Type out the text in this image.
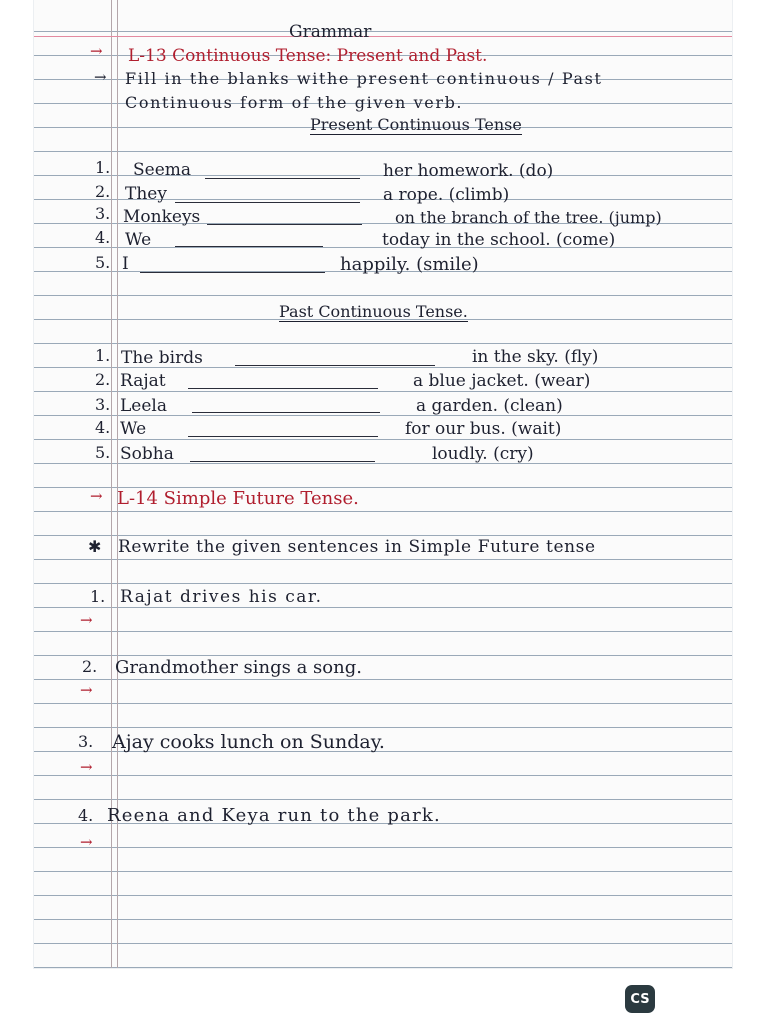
Grammar
→ L-13 Continuous Tense: Present and Past.
→ Fill in the blanks withe present continuous / Past
Continuous form of the given verb.
Present Continuous Tense
1. Seema	her homework. (do)
2. They	a rope. (climb)
3. Monkeys	on the branch of the tree. (jump)
4. We	today in the school. (come)
5. I	happily. (smile)
Past Continuous Tense.
1. The birds	in the sky. (fly)
2. Rajat	a blue jacket. (wear)
3. Leela	a garden. (clean)
4. We	for our bus. (wait)
5. Sobha	loudly. (cry)
→ L-14 Simple Future Tense.
✱ Rewrite the given sentences in Simple Future tense
1. Rajat drives his car.
→
2. Grandmother sings a song.
→
3. Ajay cooks lunch on Sunday.
→
4. Reena and Keya run to the park.
→
CS
